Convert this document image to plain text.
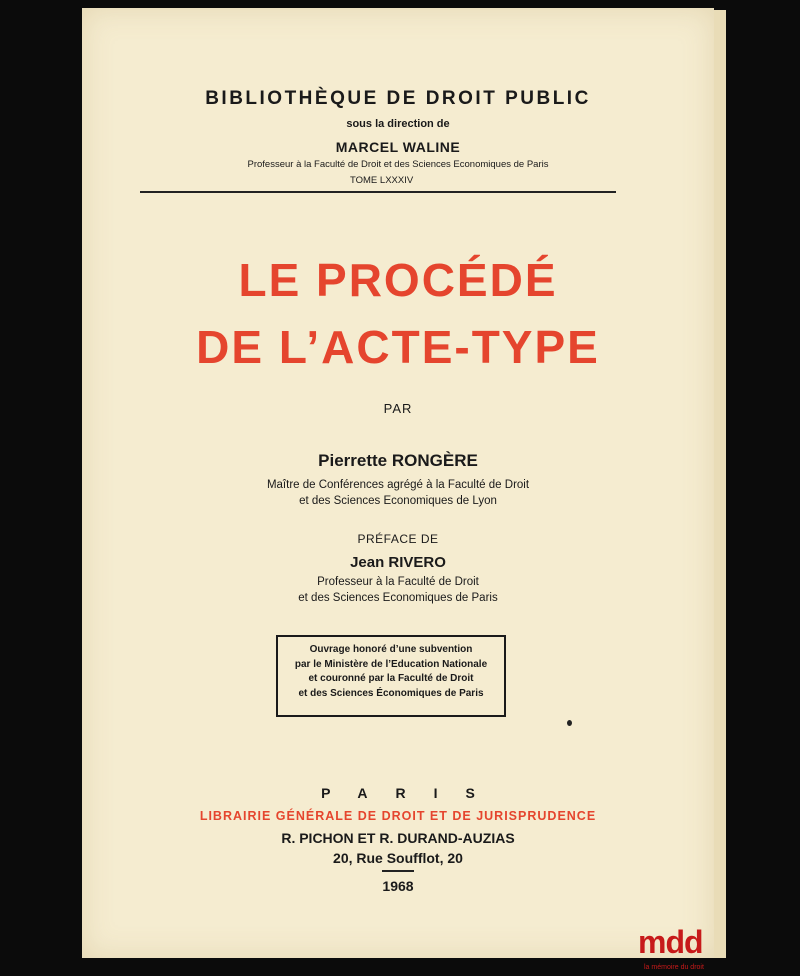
BIBLIOTHÈQUE DE DROIT PUBLIC
sous la direction de
MARCEL WALINE
Professeur à la Faculté de Droit et des Sciences Economiques de Paris
TOME LXXXIV
LE PROCÉDÉ
DE L’ACTE-TYPE
PAR
Pierrette RONGÈRE
Maître de Conférences agrégé à la Faculté de Droit
et des Sciences Economiques de Lyon
PRÉFACE DE
Jean RIVERO
Professeur à la Faculté de Droit
et des Sciences Economiques de Paris
Ouvrage honoré d’une subvention
par le Ministère de l’Education Nationale
et couronné par la Faculté de Droit
et des Sciences Économiques de Paris
PARIS
LIBRAIRIE GÉNÉRALE DE DROIT ET DE JURISPRUDENCE
R. PICHON ET R. DURAND-AUZIAS
20, Rue Soufflot, 20
1968
mdd
la mémoire du droit
